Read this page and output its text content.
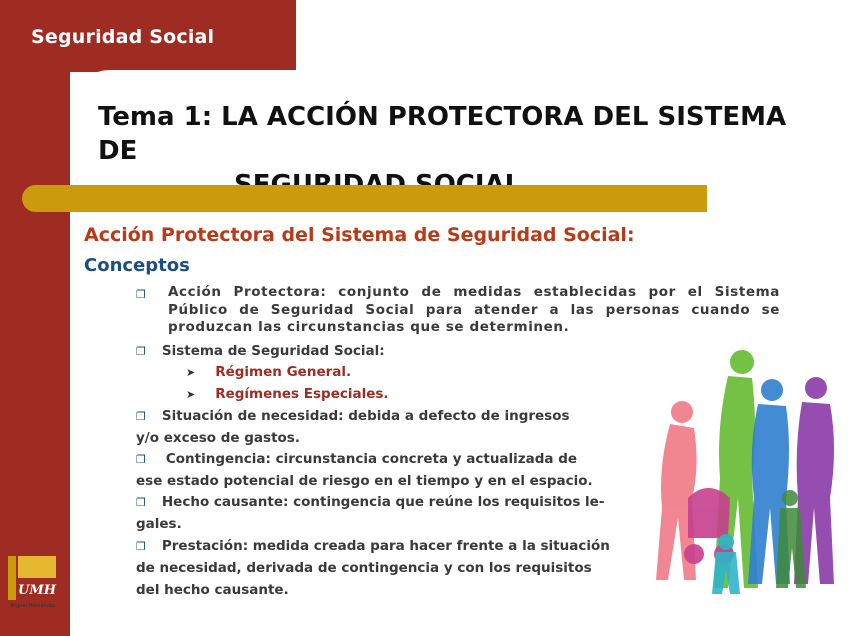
Seguridad Social
Tema 1: LA ACCIÓN PROTECTORA DEL SISTEMA DE
Acción Protectora del Sistema de Seguridad Social:
Conceptos
❐	Acción Protectora: conjunto de medidas establecidas por el Sistema Público de Seguridad Social para atender a las personas cuando se produzcan las circunstancias que se determinen.
❐ Sistema de Seguridad Social:
➤ Régimen General.
➤ Regímenes Especiales.
❐ Situación de necesidad: debida a defecto de ingresos
y/o exceso de gastos.
❐ Contingencia: circunstancia concreta y actualizada de
ese estado potencial de riesgo en el tiempo y en el espacio.
❐ Hecho causante: contingencia que reúne los requisitos le-
gales.
❐ Prestación: medida creada para hacer frente a la situación
de necesidad, derivada de contingencia y con los requisitos
del hecho causante.
UMH
Miguel Hernández
